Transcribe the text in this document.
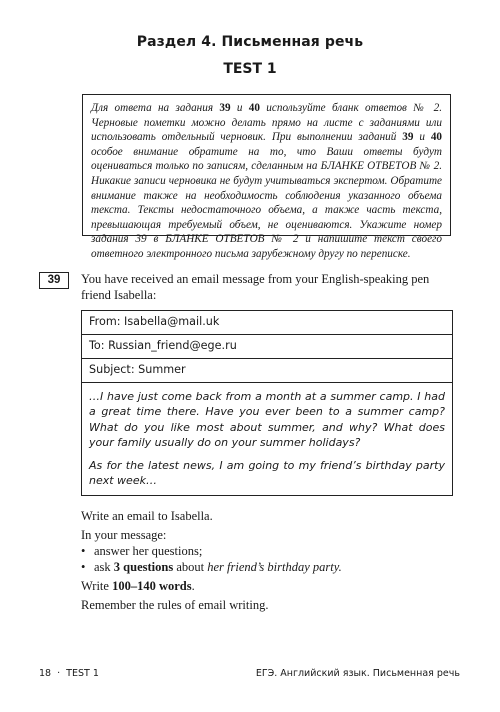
Раздел 4. Письменная речь
TEST 1

Для ответа на задания 39 и 40 используйте бланк ответов № 2. Черновые пометки можно делать прямо на листе с заданиями или использовать отдельный черновик. При выполнении заданий 39 и 40 особое внимание обратите на то, что Ваши ответы будут оцениваться только по записям, сделанным на БЛАНКЕ ОТВЕТОВ № 2. Никакие записи черновика не будут учитываться экспертом. Обратите внимание также на необходимость соблюдения указанного объема текста. Тексты недостаточного объема, а также часть текста, превышающая требуемый объем, не оцениваются. Укажите номер задания 39 в БЛАНКЕ ОТВЕТОВ № 2 и напишите текст своего ответного электронного письма зарубежному другу по переписке.

39	You have received an email message from your English-speaking pen friend Isabella:

From: Isabella@mail.uk
To: Russian_friend@ege.ru
Subject: Summer

…I have just come back from a month at a summer camp. I had a great time there. Have you ever been to a summer camp? What do you like most about summer, and why? What does your family usually do on your summer holidays?

As for the latest news, I am going to my friend’s birthday party next week…

Write an email to Isabella.

In your message:

• answer her questions;
• ask 3 questions about her friend’s birthday party.

Write 100–140 words.

Remember the rules of email writing.

18  ·  TEST 1	ЕГЭ. Английский язык. Письменная речь
